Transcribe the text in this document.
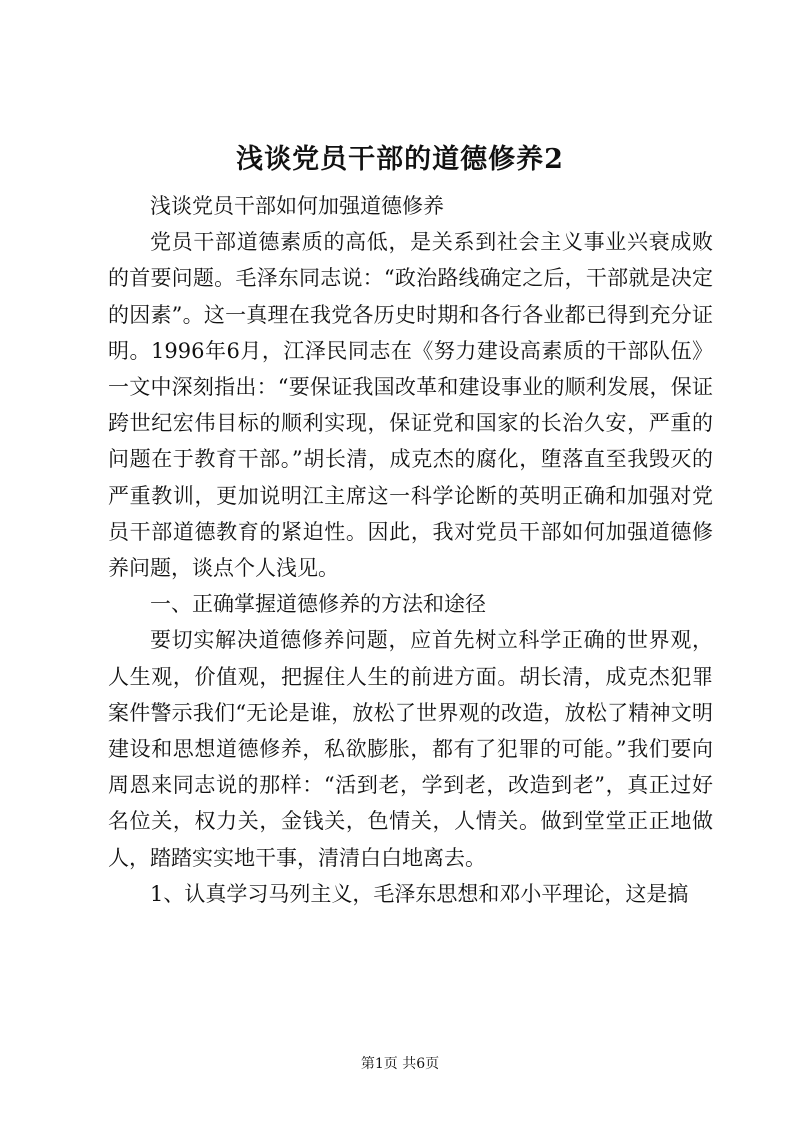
浅谈党员干部的道德修养2

浅谈党员干部如何加强道德修养

党员干部道德素质的高低，是关系到社会主义事业兴衰成败的首要问题。毛泽东同志说：“政治路线确定之后，干部就是决定的因素”。这一真理在我党各历史时期和各行各业都已得到充分证明。1996年6月，江泽民同志在《努力建设高素质的干部队伍》一文中深刻指出：“要保证我国改革和建设事业的顺利发展，保证跨世纪宏伟目标的顺利实现，保证党和国家的长治久安，严重的问题在于教育干部。”胡长清，成克杰的腐化，堕落直至我毁灭的严重教训，更加说明江主席这一科学论断的英明正确和加强对党员干部道德教育的紧迫性。因此，我对党员干部如何加强道德修养问题，谈点个人浅见。

一、正确掌握道德修养的方法和途径

要切实解决道德修养问题，应首先树立科学正确的世界观，人生观，价值观，把握住人生的前进方面。胡长清，成克杰犯罪案件警示我们“无论是谁，放松了世界观的改造，放松了精神文明建设和思想道德修养，私欲膨胀，都有了犯罪的可能。”我们要向周恩来同志说的那样：“活到老，学到老，改造到老”，真正过好名位关，权力关，金钱关，色情关，人情关。做到堂堂正正地做人，踏踏实实地干事，清清白白地离去。

1、认真学习马列主义，毛泽东思想和邓小平理论，这是搞

第1页 共6页
